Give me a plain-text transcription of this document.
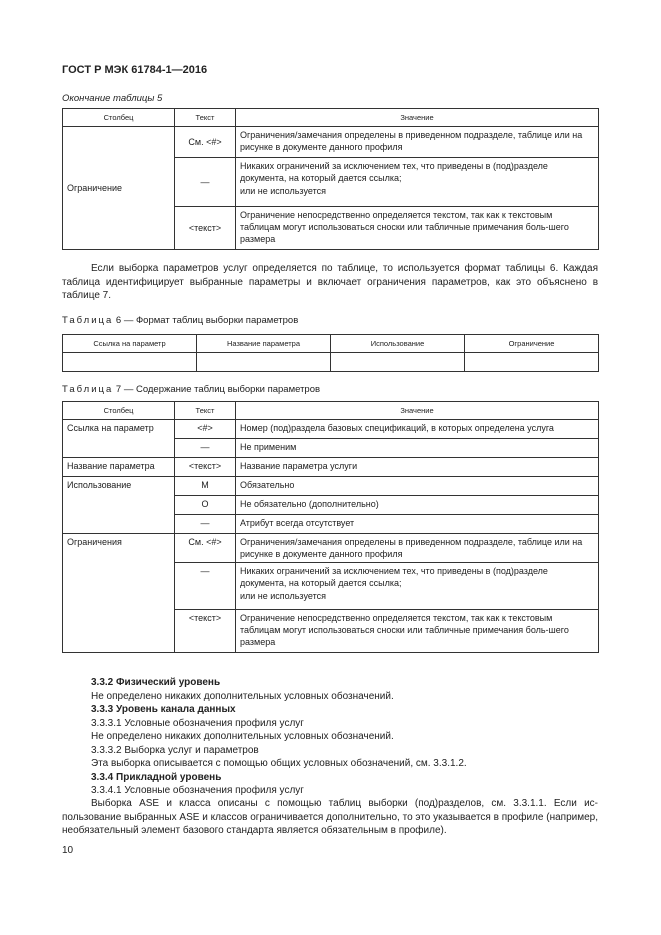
ГОСТ Р МЭК 61784-1—2016
Окончание таблицы 5
Столбец	Текст	Значение
Ограничение	См. <#>	Ограничения/замечания определены в приведенном подразделе, таблице или на рисунке в документе данного профиля
	—	Никаких ограничений за исключением тех, что приведены в (под)разделе документа, на который дается ссылка;
или не используется

	<текст>	Ограничение непосредственно определяется текстом, так как к текстовым таблицам могут использоваться сноски или табличные примечания боль-шего размера

Если выборка параметров услуг определяется по таблице, то используется формат таблицы 6. Каждая таблица идентифицирует выбранные параметры и включает ограничения параметров, как это объяснено в таблице 7.

Таблица 6 — Формат таблиц выборки параметров
Ссылка на параметр	Название параметра	Использование	Ограничение

Таблица 7 — Содержание таблиц выборки параметров
Столбец	Текст	Значение
Ссылка на параметр	<#>	Номер (под)раздела базовых спецификаций, в которых определена услуга
	—	Не применим
Название параметра	<текст>	Название параметра услуги
Использование	M	Обязательно
	O	Не обязательно (дополнительно)
	—	Атрибут всегда отсутствует
Ограничения	См. <#>	Ограничения/замечания определены в приведенном подразделе, таблице или на рисунке в документе данного профиля
	—	Никаких ограничений за исключением тех, что приведены в (под)разделе документа, на который дается ссылка;
или не используется

	<текст>	Ограничение непосредственно определяется текстом, так как к текстовым таблицам могут использоваться сноски или табличные примечания боль-шего размера
3.3.2 Физический уровень
Не определено никаких дополнительных условных обозначений.
3.3.3 Уровень канала данных
3.3.3.1 Условные обозначения профиля услуг
Не определено никаких дополнительных условных обозначений.
3.3.3.2 Выборка услуг и параметров
Эта выборка описывается с помощью общих условных обозначений, см. 3.3.1.2.
3.3.4 Прикладной уровень
3.3.4.1 Условные обозначения профиля услуг

Выборка ASE и класса описаны с помощью таблиц выборки (под)разделов, см. 3.3.1.1. Если ис-пользование выбранных ASE и классов ограничивается дополнительно, то это указывается в профиле (например, необязательный элемент базового стандарта является обязательным в профиле).

10
